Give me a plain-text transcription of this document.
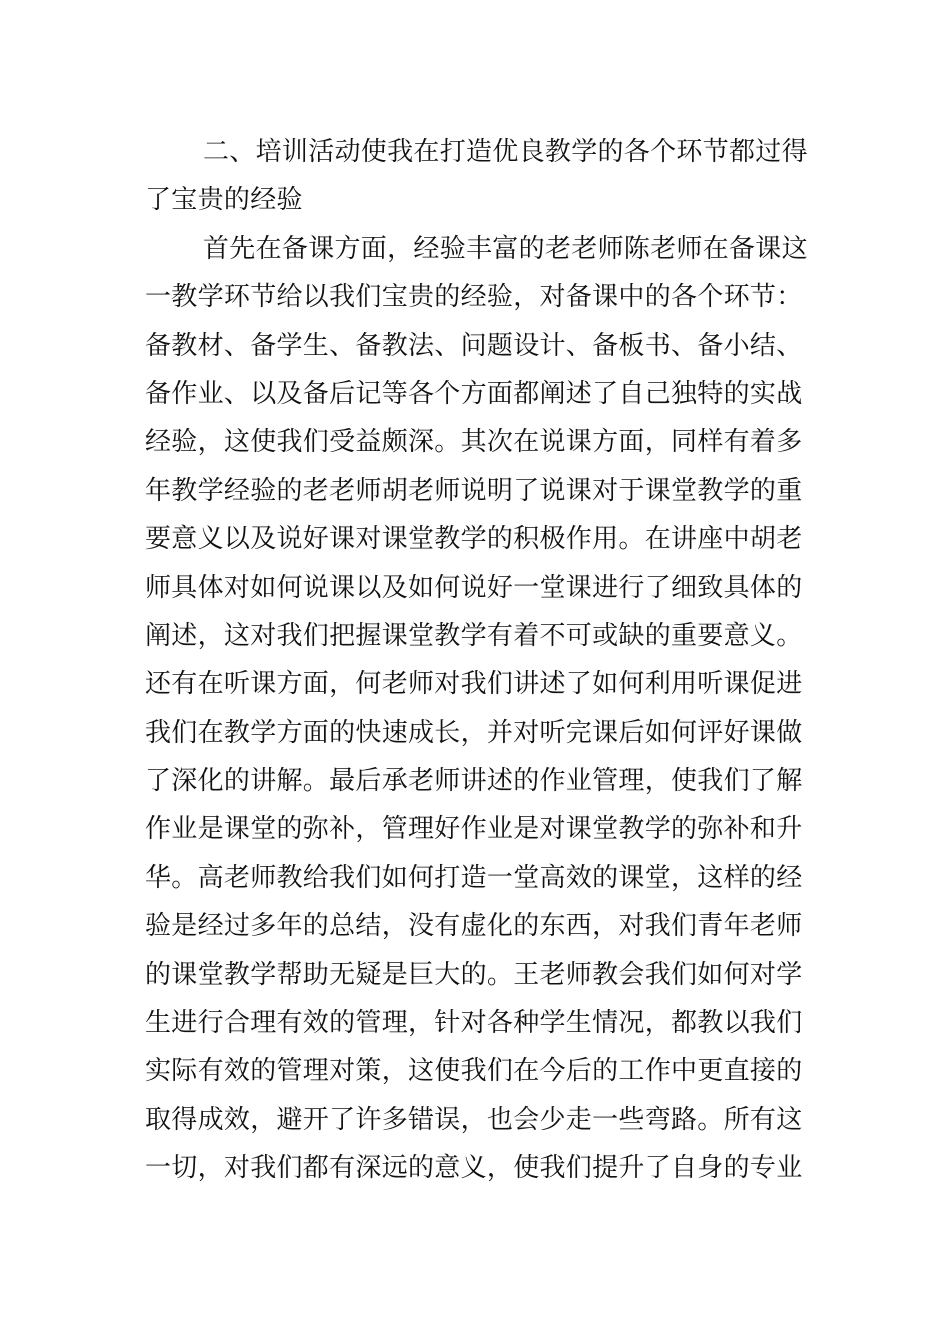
二、培训活动使我在打造优良教学的各个环节都过得
了宝贵的经验
首先在备课方面，经验丰富的老老师陈老师在备课这
一教学环节给以我们宝贵的经验，对备课中的各个环节：
备教材、备学生、备教法、问题设计、备板书、备小结、
备作业、以及备后记等各个方面都阐述了自己独特的实战
经验，这使我们受益颇深。其次在说课方面，同样有着多
年教学经验的老老师胡老师说明了说课对于课堂教学的重
要意义以及说好课对课堂教学的积极作用。在讲座中胡老
师具体对如何说课以及如何说好一堂课进行了细致具体的
阐述，这对我们把握课堂教学有着不可或缺的重要意义。
还有在听课方面，何老师对我们讲述了如何利用听课促进
我们在教学方面的快速成长，并对听完课后如何评好课做
了深化的讲解。最后承老师讲述的作业管理，使我们了解
作业是课堂的弥补，管理好作业是对课堂教学的弥补和升
华。高老师教给我们如何打造一堂高效的课堂，这样的经
验是经过多年的总结，没有虚化的东西，对我们青年老师
的课堂教学帮助无疑是巨大的。王老师教会我们如何对学
生进行合理有效的管理，针对各种学生情况，都教以我们
实际有效的管理对策，这使我们在今后的工作中更直接的
取得成效，避开了许多错误，也会少走一些弯路。所有这
一切，对我们都有深远的意义，使我们提升了自身的专业
